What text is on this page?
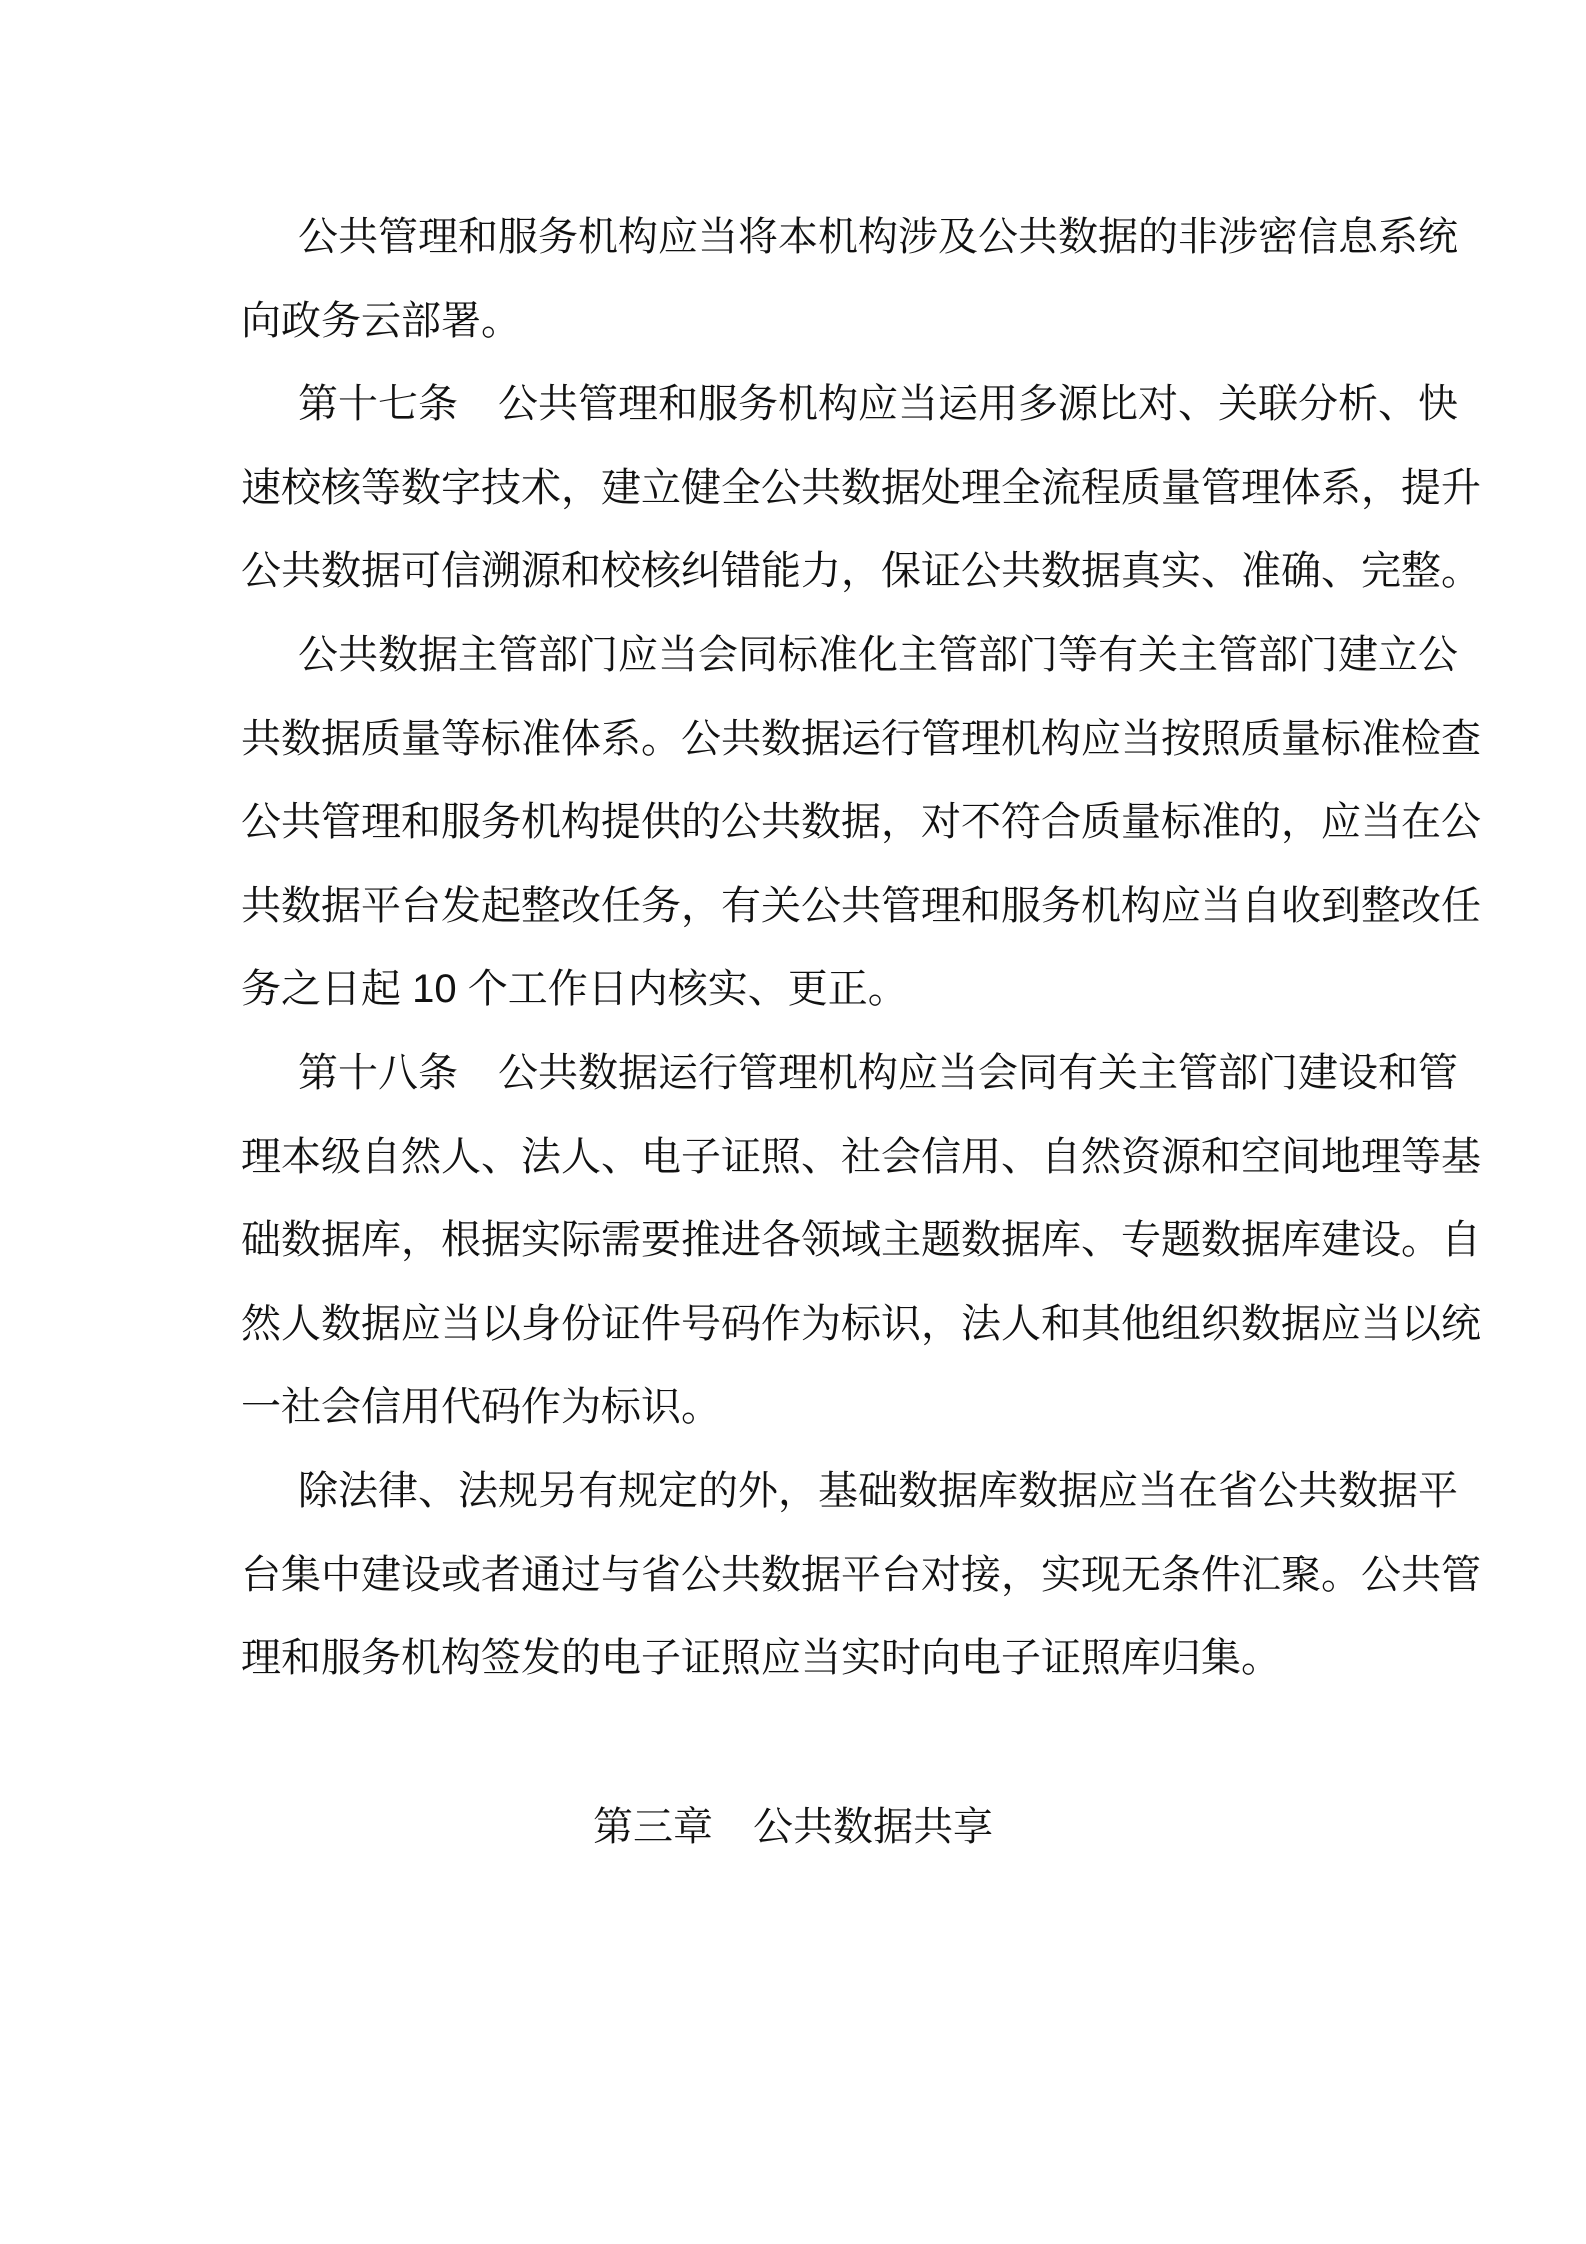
公共管理和服务机构应当将本机构涉及公共数据的非涉密信息系统
向政务云部署。
第十七条　公共管理和服务机构应当运用多源比对、关联分析、快
速校核等数字技术，建立健全公共数据处理全流程质量管理体系，提升
公共数据可信溯源和校核纠错能力，保证公共数据真实、准确、完整。
公共数据主管部门应当会同标准化主管部门等有关主管部门建立公
共数据质量等标准体系。公共数据运行管理机构应当按照质量标准检查
公共管理和服务机构提供的公共数据，对不符合质量标准的，应当在公
共数据平台发起整改任务，有关公共管理和服务机构应当自收到整改任
务之日起 10 个工作日内核实、更正。
第十八条　公共数据运行管理机构应当会同有关主管部门建设和管
理本级自然人、法人、电子证照、社会信用、自然资源和空间地理等基
础数据库，根据实际需要推进各领域主题数据库、专题数据库建设。自
然人数据应当以身份证件号码作为标识，法人和其他组织数据应当以统
一社会信用代码作为标识。
除法律、法规另有规定的外，基础数据库数据应当在省公共数据平
台集中建设或者通过与省公共数据平台对接，实现无条件汇聚。公共管
理和服务机构签发的电子证照应当实时向电子证照库归集。
第三章　公共数据共享
